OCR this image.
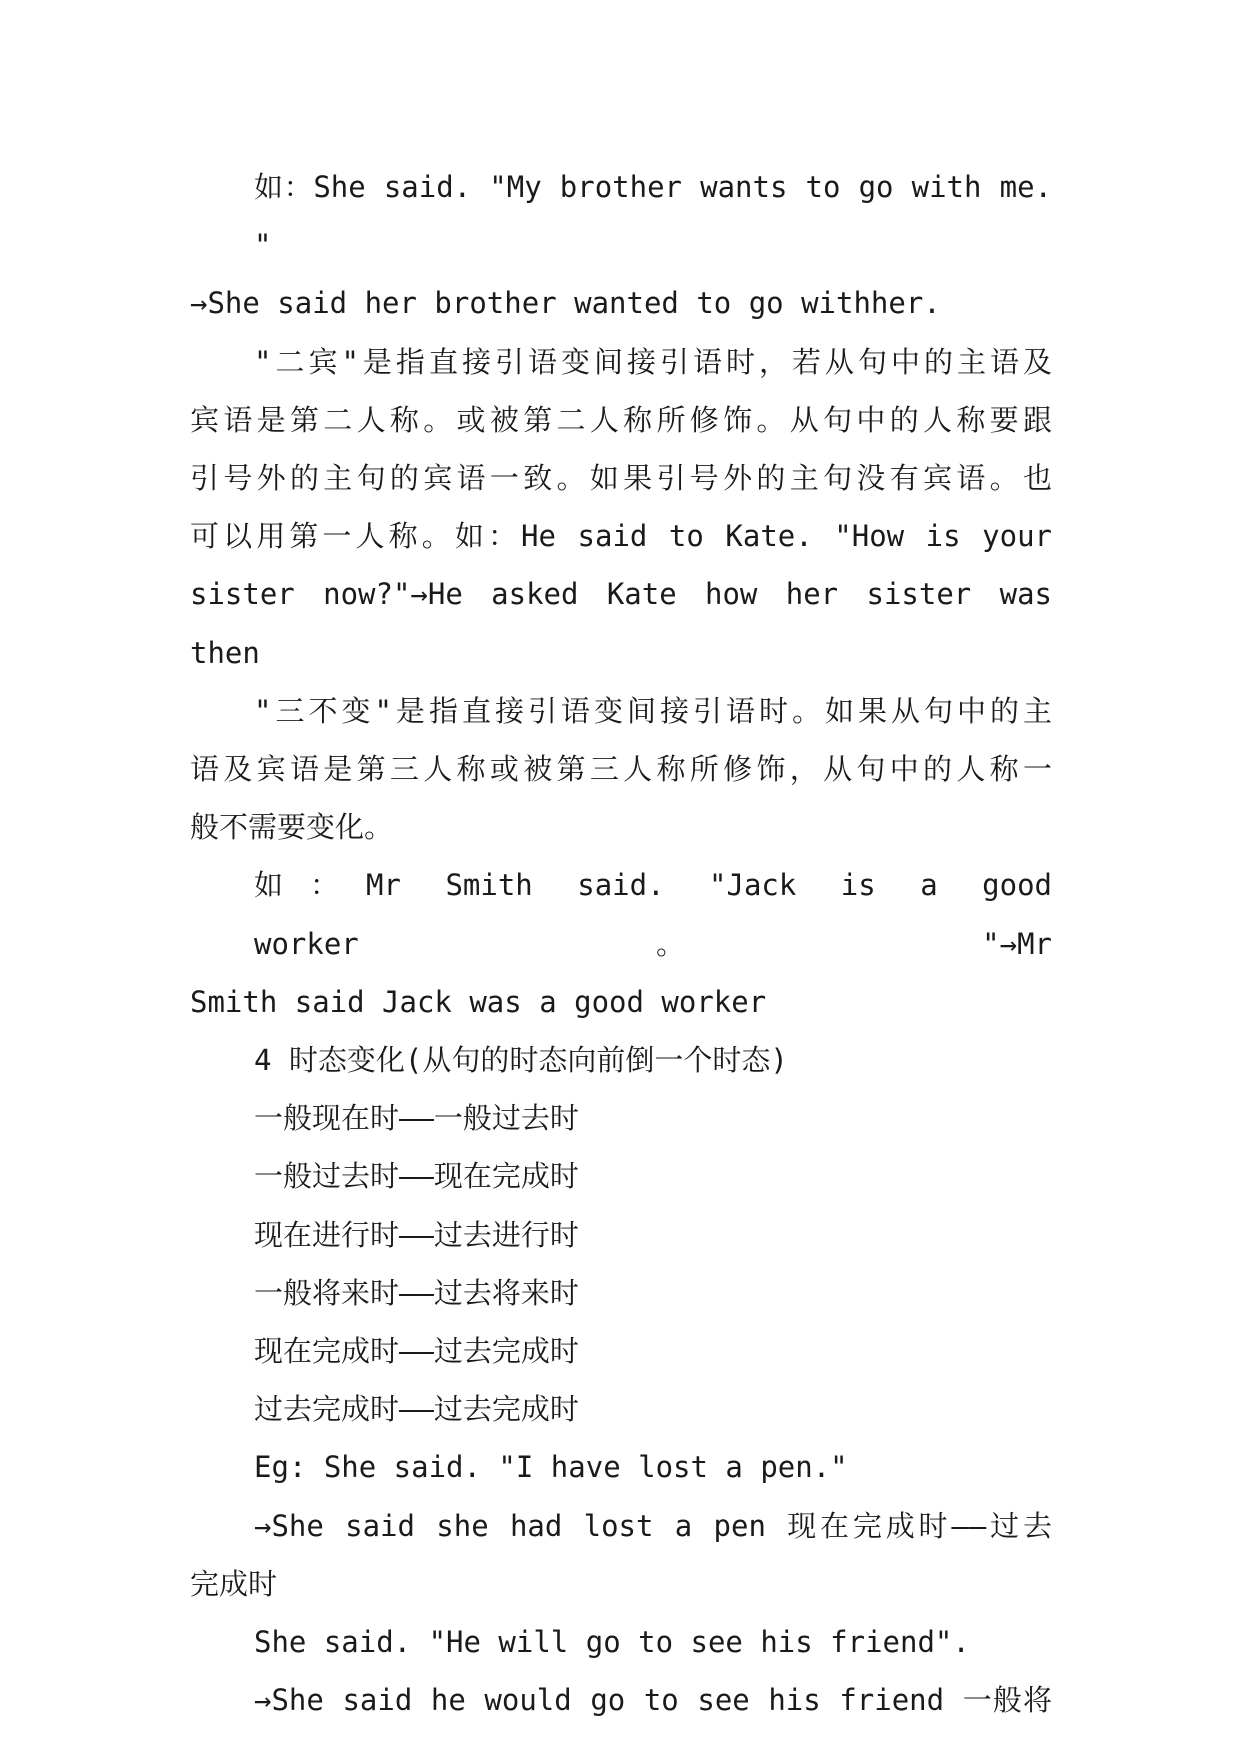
如：She said. "My brother wants to go with me. "
→She said her brother wanted to go withher.

"二宾"是指直接引语变间接引语时，若从句中的主语及
宾语是第二人称。或被第二人称所修饰。从句中的人称要跟
引号外的主句的宾语一致。如果引号外的主句没有宾语。也
可以用第一人称。如：He said to Kate. "How is your
sister now?"→He asked Kate how her sister was then

"三不变"是指直接引语变间接引语时。如果从句中的主
语及宾语是第三人称或被第三人称所修饰，从句中的人称一
般不需要变化。

如：Mr Smith said. "Jack is a good worker。"→Mr
Smith said Jack was a good worker

4 时态变化(从句的时态向前倒一个时态)

一般现在时——一般过去时

一般过去时——现在完成时

现在进行时——过去进行时

一般将来时——过去将来时

现在完成时——过去完成时

过去完成时——过去完成时

Eg: She said. "I have lost a pen."

→She said she had lost a pen 现在完成时——过去
完成时

She said. "He will go to see his friend".

→She said he would go to see his friend 一般将
